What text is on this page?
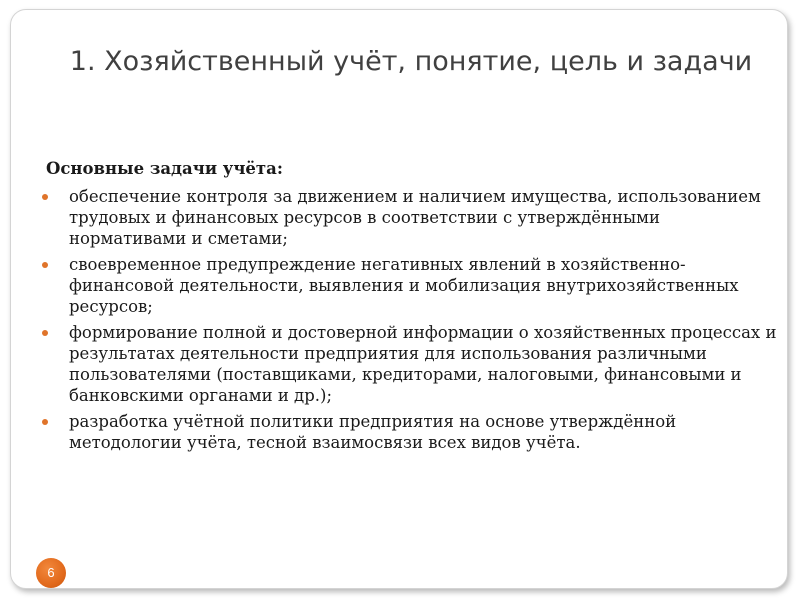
1. Хозяйственный учёт, понятие, цель и задачи
Основные задачи учёта:
обеспечение контроля за движением и наличием имущества, использованием трудовых и финансовых ресурсов в соответствии с утверждёнными нормативами и сметами;
своевременное предупреждение негативных явлений в хозяйственно-финансовой деятельности, выявления и мобилизация внутрихозяйственных ресурсов;
формирование полной и достоверной информации о хозяйственных процессах и результатах деятельности предприятия для использования различными пользователями (поставщиками, кредиторами, налоговыми, финансовыми и банковскими органами и др.);
разработка учётной политики предприятия на основе утверждённой методологии учёта, тесной взаимосвязи всех видов учёта.
6
